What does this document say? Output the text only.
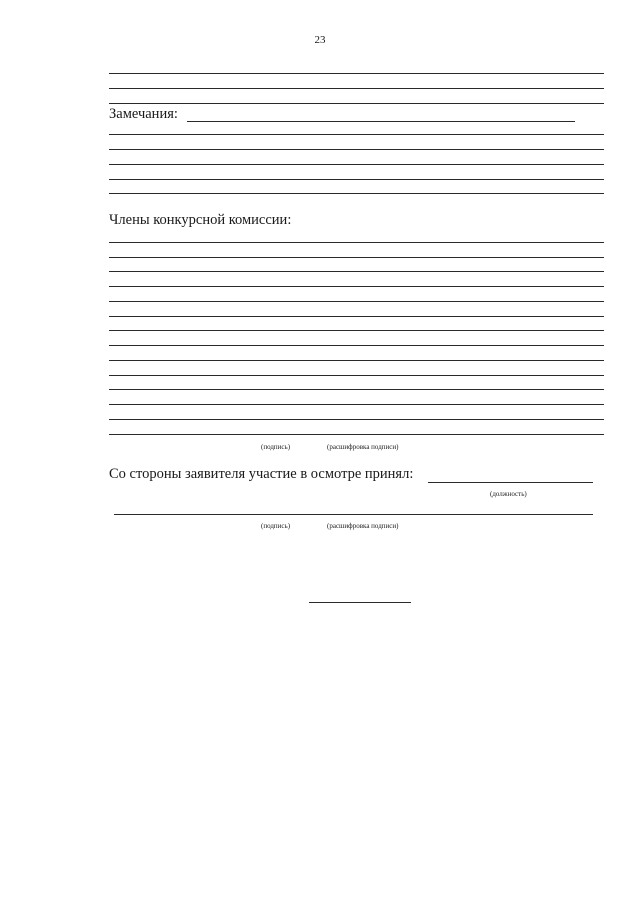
23
Замечания:
Члены конкурсной комиссии:
(подпись)	(расшифровка подписи)
Со стороны заявителя участие в осмотре принял:
(должность)
(подпись)	(расшифровка подписи)
